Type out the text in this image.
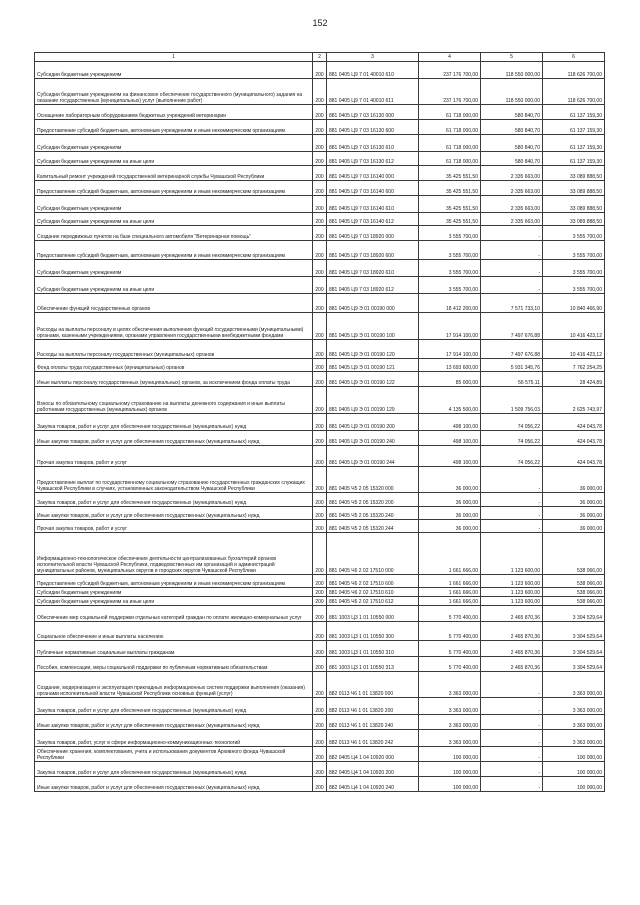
152
1	2	3	4	5	6
Субсидии бюджетным учреждениям	200	881 0405 Ц9 7 01 40010 610	237 176 700,00	118 550 000,00	118 626 700,00
Субсидии бюджетным учреждениям на финансовое обеспечение государственного (муниципального) задания на оказание государственных (муниципальных) услуг (выполнение работ)	200	881 0405 Ц9 7 01 40010 611	237 176 700,00	118 550 000,00	118 626 700,00
Оснащение лабораторным оборудованием бюджетных учреждений ветеринарии	200	881 0405 Ц9 7 03 16130 000	61 718 000,00	580 840,70	61 137 159,30
Предоставление субсидий бюджетным, автономным учреждениям и иным некоммерческим организациям	200	881 0405 Ц9 7 03 16130 600	61 718 000,00	580 840,70	61 137 159,30
Субсидии бюджетным учреждениям	200	881 0405 Ц9 7 03 16130 610	61 718 000,00	580 840,70	61 137 159,30
Субсидии бюджетным учреждениям на иные цели	200	881 0405 Ц9 7 03 16130 612	61 718 000,00	580 840,70	61 137 159,30
Капитальный ремонт учреждений государственной ветеринарной службы Чувашской Республики	200	881 0405 Ц9 7 03 16140 000	35 425 551,50	2 335 663,00	33 089 888,50
Предоставление субсидий бюджетным, автономным учреждениям и иным некоммерческим организациям	200	881 0405 Ц9 7 03 16140 600	35 425 551,50	2 335 663,00	33 089 888,50
Субсидии бюджетным учреждениям	200	881 0405 Ц9 7 03 16140 610	35 425 551,50	2 335 663,00	33 089 888,50
Субсидии бюджетным учреждениям на иные цели	200	881 0405 Ц9 7 03 16140 612	35 425 551,50	2 335 663,00	33 089 888,50
Создание передвижных пунктов на базе специального автомобиля "Ветеринарная помощь"	200	881 0405 Ц9 7 03 18920 000	3 555 700,00	-	3 555 700,00
Предоставление субсидий бюджетным, автономным учреждениям и иным некоммерческим организациям	200	881 0405 Ц9 7 03 18920 600	3 555 700,00	-	3 555 700,00
Субсидии бюджетным учреждениям	200	881 0405 Ц9 7 03 18920 610	3 555 700,00	-	3 555 700,00
Субсидии бюджетным учреждениям на иные цели	200	881 0405 Ц9 7 03 18920 612	3 555 700,00	-	3 555 700,00
Обеспечение функций государственных органов	200	881 0405 Ц9 Э 01 00190 000	18 412 200,00	7 571 733,10	10 840 466,90
Расходы на выплаты персоналу в целях обеспечения выполнения функций государственными (муниципальными) органами, казенными учреждениями, органами управления государственными внебюджетными фондами	200	881 0405 Ц9 Э 01 00190 100	17 914 100,00	7 497 676,88	10 416 423,12
Расходы на выплаты персоналу государственных (муниципальных) органов	200	881 0405 Ц9 Э 01 00190 120	17 914 100,00	7 497 676,88	10 416 423,12
Фонд оплаты труда государственных (муниципальных) органов	200	881 0405 Ц9 Э 01 00190 121	13 693 600,00	5 931 345,76	7 762 254,25
Иные выплаты персоналу государственных (муниципальных) органов, за исключением фонда оплаты труда	200	881 0405 Ц9 Э 01 00190 122	85 000,00	56 575,11	28 424,89
Взносы по обязательному социальному страхованию на выплаты денежного содержания и иные выплаты работникам государственных (муниципальных) органов	200	881 0405 Ц9 Э 01 00190 129	4 135 500,00	1 509 756,03	2 625 743,97
Закупка товаров, работ и услуг для обеспечения государственных (муниципальных) нужд	200	881 0405 Ц9 Э 01 00190 200	498 100,00	74 056,22	424 043,78
Иные закупки товаров, работ и услуг для обеспечения государственных (муниципальных) нужд	200	881 0405 Ц9 Э 01 00190 240	498 100,00	74 056,22	424 043,78
Прочая закупка товаров, работ и услуг	200	881 0405 Ц9 Э 01 00190 244	498 100,00	74 056,22	424 043,78
Предоставление выплат по государственному социальному страхованию государственных гражданских служащих Чувашской Республики в случаях, установленных законодательством Чувашской Республики	200	881 0405 Ч5 2 05 15320 000	36 000,00	-	36 000,00
Закупка товаров, работ и услуг для обеспечения государственных (муниципальных) нужд	200	881 0405 Ч5 2 05 15320 200	36 000,00	-	36 000,00
Иные закупки товаров, работ и услуг для обеспечения государственных (муниципальных) нужд	200	881 0405 Ч5 2 05 15320 240	36 000,00	-	36 000,00
Прочая закупка товаров, работ и услуг	200	881 0405 Ч5 2 05 15320 244	36 000,00	-	36 000,00
Информационно-технологическое обеспечение деятельности централизованных бухгалтерий органов исполнительной власти Чувашской Республики, подведомственных им организаций и администраций муниципальных районов, муниципальных округов и городских округов Чувашской Республики	200	881 0405 Ч6 2 02 17510 000	1 661 666,00	1 123 600,00	538 066,00
Предоставление субсидий бюджетным, автономным учреждениям и иным некоммерческим организациям	200	881 0405 Ч6 2 02 17510 600	1 661 666,00	1 123 600,00	538 066,00
Субсидии бюджетным учреждениям	200	881 0405 Ч6 2 02 17510 610	1 661 666,00	1 123 600,00	538 066,00
Субсидии бюджетным учреждениям на иные цели	200	881 0405 Ч6 2 02 17510 612	1 661 666,00	1 123 600,00	538 066,00
Обеспечение мер социальной поддержки отдельных категорий граждан по оплате жилищно-коммунальных услуг	200	881 1003 Ц3 1 01 10550 000	5 770 400,00	2 465 870,36	3 304 529,64
Социальное обеспечение и иные выплаты населению	200	881 1003 Ц3 1 01 10550 300	5 770 400,00	2 465 870,36	3 304 529,64
Публичные нормативные социальные выплаты гражданам	200	881 1003 Ц3 1 01 10550 310	5 770 400,00	2 465 870,36	3 304 529,64
Пособия, компенсации, меры социальной поддержки по публичным нормативным обязательствам	200	881 1003 Ц3 1 01 10550 313	5 770 400,00	2 465 870,36	3 304 529,64
Создание, модернизация и эксплуатация прикладных информационных систем поддержки выполнения (оказания) органами исполнительной власти Чувашской Республики основных функций (услуг)	200	882 0113 Ч6 1 01 13820 000	3 363 000,00	-	3 363 000,00
Закупка товаров, работ и услуг для обеспечения государственных (муниципальных) нужд	200	882 0113 Ч6 1 01 13820 200	3 363 000,00	-	3 363 000,00
Иные закупки товаров, работ и услуг для обеспечения государственных (муниципальных) нужд	200	882 0113 Ч6 1 01 13820 240	3 363 000,00	-	3 363 000,00
Закупка товаров, работ, услуг в сфере информационно-коммуникационных технологий	200	882 0113 Ч6 1 01 13820 242	3 363 000,00	-	3 363 000,00
Обеспечение хранения, комплектования, учета и использования документов Архивного фонда Чувашской Республики	200	882 0405 Ц4 1 04 10920 000	100 000,00	-	100 000,00
Закупка товаров, работ и услуг для обеспечения государственных (муниципальных) нужд	200	882 0405 Ц4 1 04 10920 200	100 000,00	-	100 000,00
Иные закупки товаров, работ и услуг для обеспечения государственных (муниципальных) нужд	200	882 0405 Ц4 1 04 10920 240	100 000,00	-	100 000,00
